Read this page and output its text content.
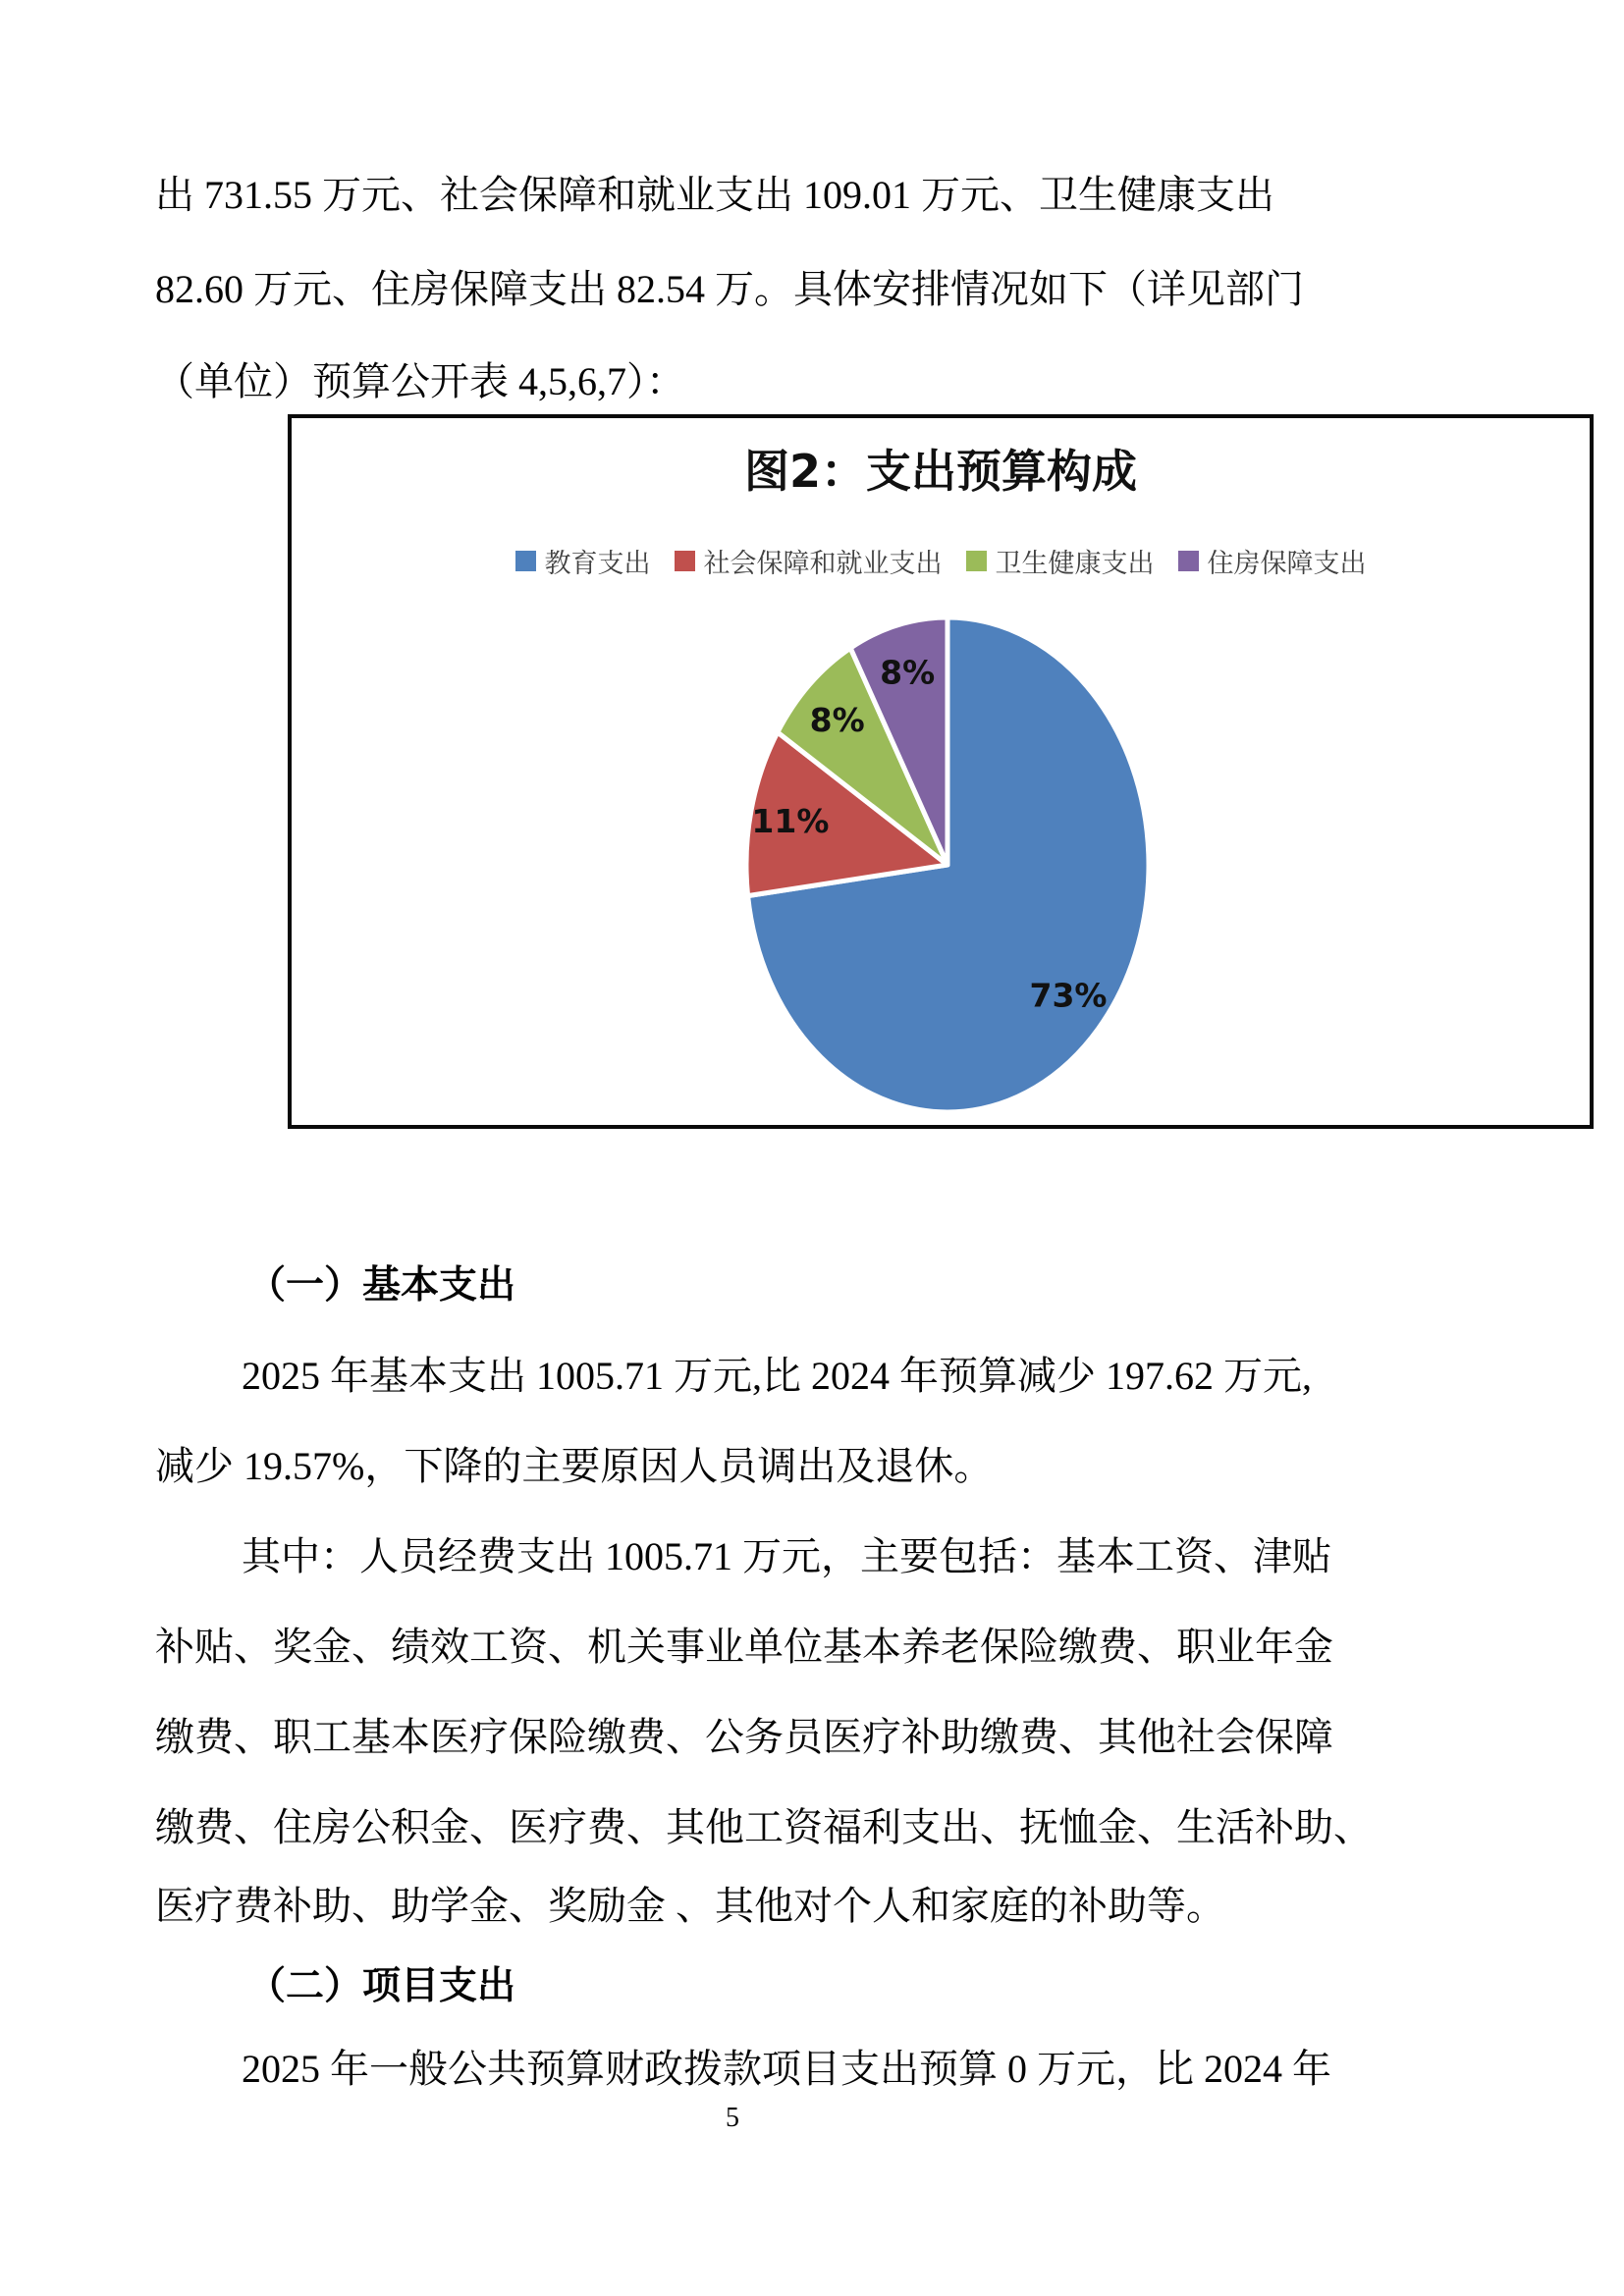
出 731.55 万元、社会保障和就业支出 109.01 万元、卫生健康支出
82.60 万元、住房保障支出 82.54 万。具体安排情况如下（详见部门
（单位）预算公开表 4,5,6,7）：
图2：支出预算构成
教育支出 社会保障和就业支出 卫生健康支出 住房保障支出
73%
11%
8%
8%
（一）基本支出
2025 年基本支出 1005.71 万元,比 2024 年预算减少 197.62 万元,
减少 19.57%，下降的主要原因人员调出及退休。
其中：人员经费支出 1005.71 万元，主要包括：基本工资、津贴
补贴、奖金、绩效工资、机关事业单位基本养老保险缴费、职业年金
缴费、职工基本医疗保险缴费、公务员医疗补助缴费、其他社会保障
缴费、住房公积金、医疗费、其他工资福利支出、抚恤金、生活补助、
医疗费补助、助学金、奖励金 、其他对个人和家庭的补助等。
（二）项目支出
2025 年一般公共预算财政拨款项目支出预算 0 万元，比 2024 年
5
